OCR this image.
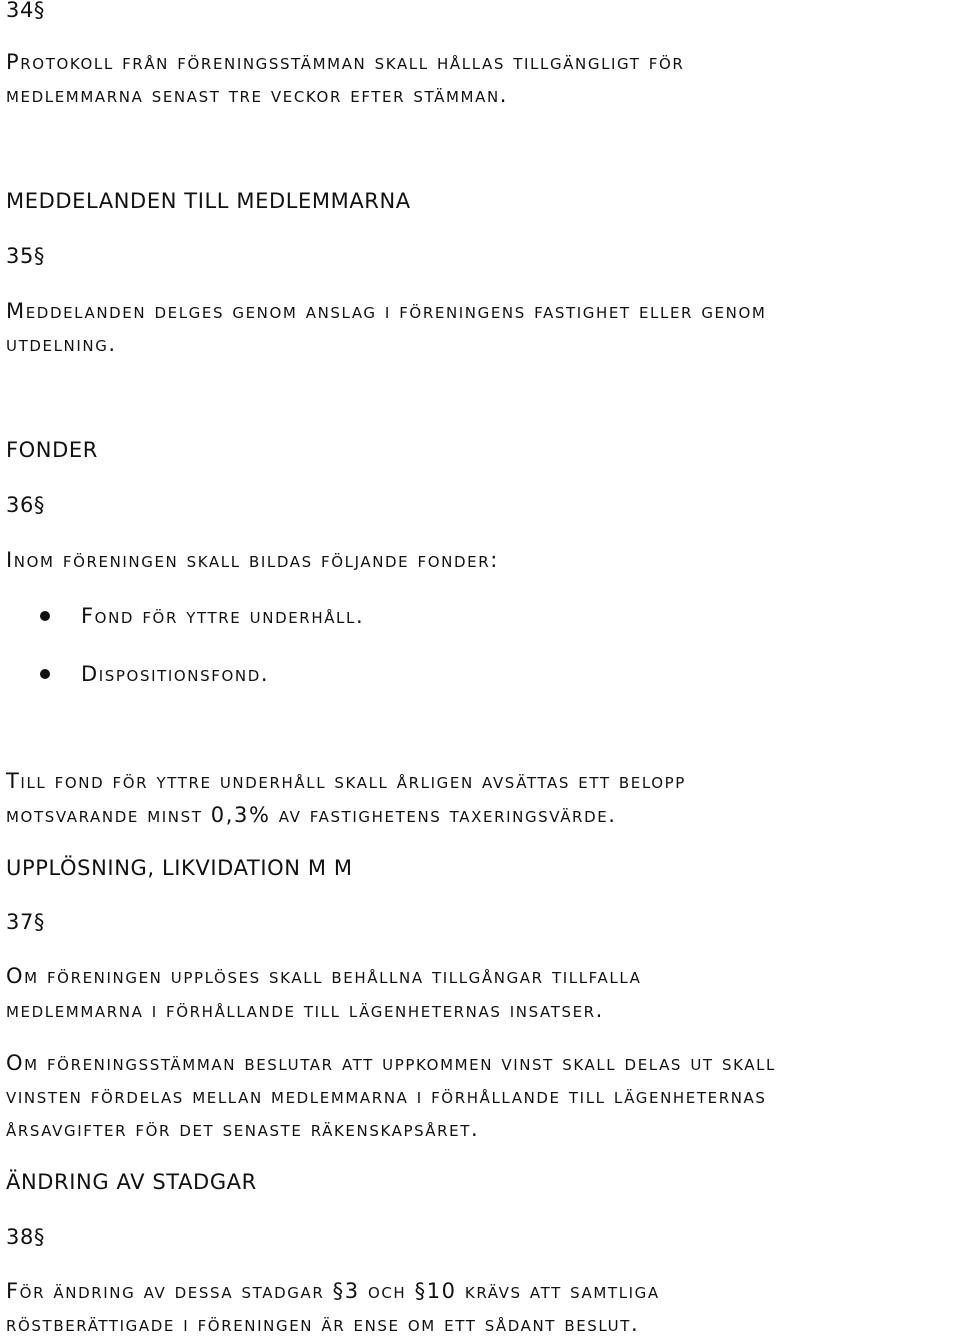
34§
Protokoll från föreningsstämman skall hållas tillgängligt för
medlemmarna senast tre veckor efter stämman.
MEDDELANDEN TILL MEDLEMMARNA
35§
Meddelanden delges genom anslag i föreningens fastighet eller genom
utdelning.
FONDER
36§
Inom föreningen skall bildas följande fonder:
Fond för yttre underhåll.
Dispositionsfond.
Till fond för yttre underhåll skall årligen avsättas ett belopp
motsvarande minst 0,3% av fastighetens taxeringsvärde.
UPPLÖSNING, LIKVIDATION M M
37§
Om föreningen upplöses skall behållna tillgångar tillfalla
medlemmarna i förhållande till lägenheternas insatser.
Om föreningsstämman beslutar att uppkommen vinst skall delas ut skall
vinsten fördelas mellan medlemmarna i förhållande till lägenheternas
årsavgifter för det senaste räkenskapsåret.
ÄNDRING AV STADGAR
38§
För ändring av dessa stadgar §3 och §10 krävs att samtliga
röstberättigade i föreningen är ense om ett sådant beslut.
